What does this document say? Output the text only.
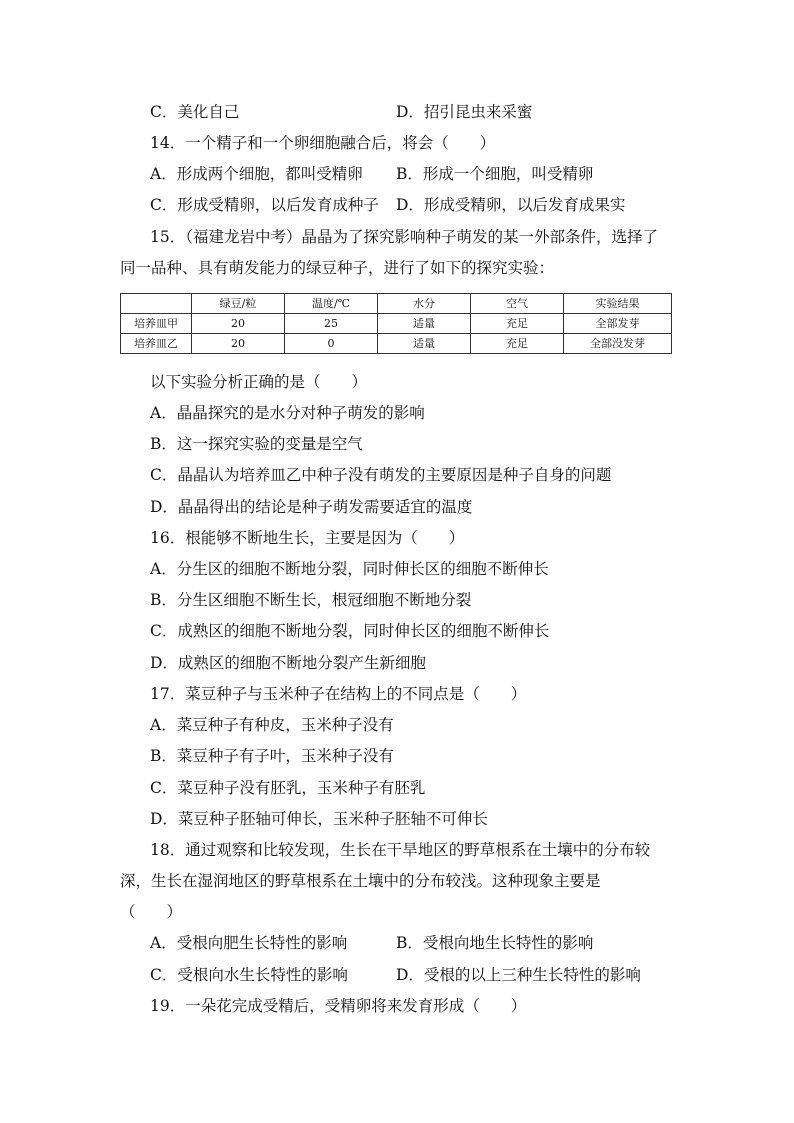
C．美化自己	D．招引昆虫来采蜜
14．一个精子和一个卵细胞融合后，将会（　　）
A．形成两个细胞，都叫受精卵 B．形成一个细胞，叫受精卵
C．形成受精卵，以后发育成种子 D．形成受精卵，以后发育成果实
15．（福建龙岩中考）晶晶为了探究影响种子萌发的某一外部条件，选择了
同一品种、具有萌发能力的绿豆种子，进行了如下的探究实验：
	绿豆/粒	温度/℃	水分	空气	实验结果
培养皿甲	20	25	适量	充足	全部发芽
培养皿乙	20	0	适量	充足	全部没发芽
以下实验分析正确的是（　　）
A．晶晶探究的是水分对种子萌发的影响
B．这一探究实验的变量是空气
C．晶晶认为培养皿乙中种子没有萌发的主要原因是种子自身的问题
D．晶晶得出的结论是种子萌发需要适宜的温度
16．根能够不断地生长，主要是因为（　　）
A．分生区的细胞不断地分裂，同时伸长区的细胞不断伸长
B．分生区细胞不断生长，根冠细胞不断地分裂
C．成熟区的细胞不断地分裂，同时伸长区的细胞不断伸长
D．成熟区的细胞不断地分裂产生新细胞
17．菜豆种子与玉米种子在结构上的不同点是（　　）
A．菜豆种子有种皮，玉米种子没有
B．菜豆种子有子叶，玉米种子没有
C．菜豆种子没有胚乳，玉米种子有胚乳
D．菜豆种子胚轴可伸长，玉米种子胚轴不可伸长
18．通过观察和比较发现，生长在干旱地区的野草根系在土壤中的分布较
深，生长在湿润地区的野草根系在土壤中的分布较浅。这种现象主要是
（　　）
A．受根向肥生长特性的影响	B．受根向地生长特性的影响
C．受根向水生长特性的影响	D．受根的以上三种生长特性的影响
19．一朵花完成受精后，受精卵将来发育形成（　　）
